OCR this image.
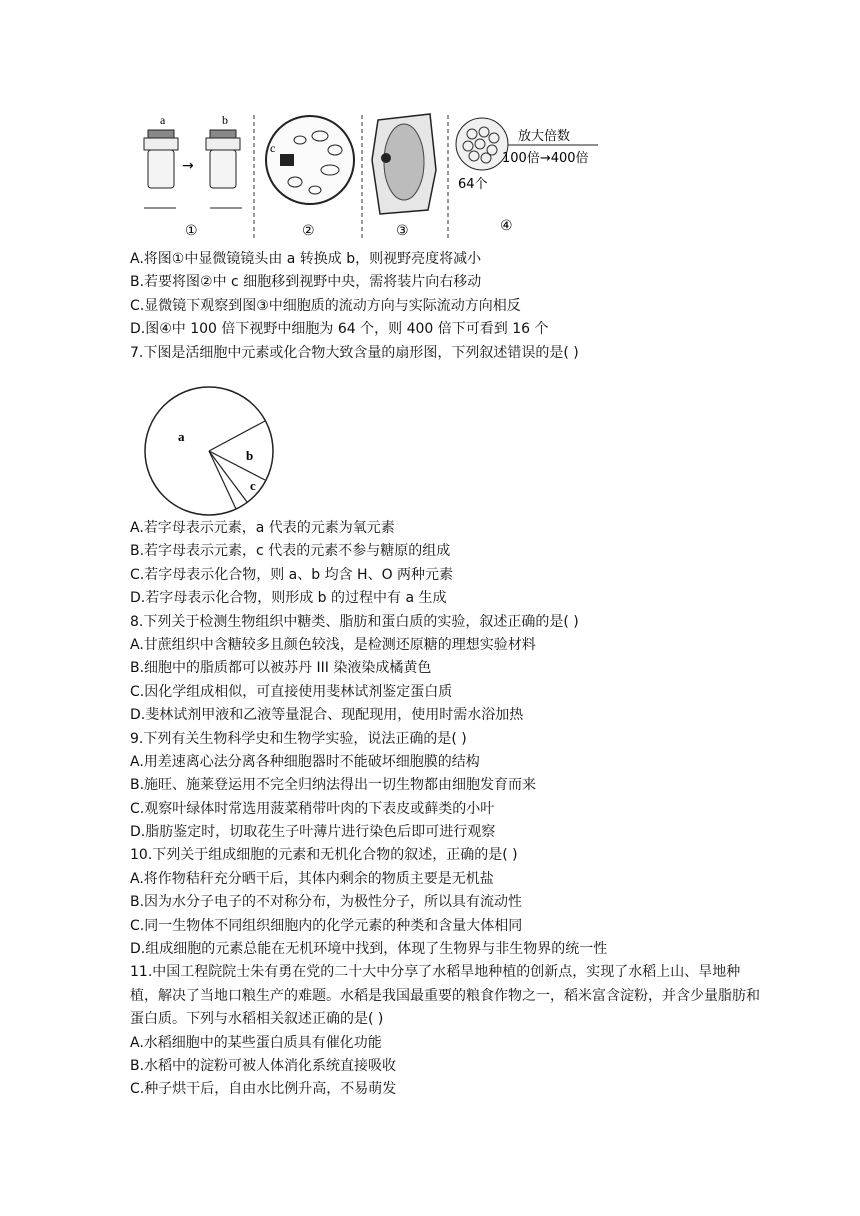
a
→
b
①
c
②	③
放大倍数
100倍→400倍
64个
④
A.将图①中显微镜镜头由 a 转换成 b，则视野亮度将减小
B.若要将图②中 c 细胞移到视野中央，需将装片向右移动
C.显微镜下观察到图③中细胞质的流动方向与实际流动方向相反
D.图④中 100 倍下视野中细胞为 64 个，则 400 倍下可看到 16 个
7.下图是活细胞中元素或化合物大致含量的扇形图，下列叙述错误的是( )
a
b
c
A.若字母表示元素，a 代表的元素为氧元素
B.若字母表示元素，c 代表的元素不参与糖原的组成
C.若字母表示化合物，则 a、b 均含 H、O 两种元素
D.若字母表示化合物，则形成 b 的过程中有 a 生成
8.下列关于检测生物组织中糖类、脂肪和蛋白质的实验，叙述正确的是( )
A.甘蔗组织中含糖较多且颜色较浅，是检测还原糖的理想实验材料
B.细胞中的脂质都可以被苏丹 III 染液染成橘黄色
C.因化学组成相似，可直接使用斐林试剂鉴定蛋白质
D.斐林试剂甲液和乙液等量混合、现配现用，使用时需水浴加热
9.下列有关生物科学史和生物学实验，说法正确的是( )
A.用差速离心法分离各种细胞器时不能破坏细胞膜的结构
B.施旺、施莱登运用不完全归纳法得出一切生物都由细胞发育而来
C.观察叶绿体时常选用菠菜稍带叶肉的下表皮或藓类的小叶
D.脂肪鉴定时，切取花生子叶薄片进行染色后即可进行观察
10.下列关于组成细胞的元素和无机化合物的叙述，正确的是( )
A.将作物秸秆充分晒干后，其体内剩余的物质主要是无机盐
B.因为水分子电子的不对称分布，为极性分子，所以具有流动性
C.同一生物体不同组织细胞内的化学元素的种类和含量大体相同
D.组成细胞的元素总能在无机环境中找到，体现了生物界与非生物界的统一性
11.中国工程院院士朱有勇在党的二十大中分享了水稻旱地种植的创新点，实现了水稻上山、旱地种植，解决了当地口粮生产的难题。水稻是我国最重要的粮食作物之一，稻米富含淀粉，并含少量脂肪和蛋白质。下列与水稻相关叙述正确的是( )
A.水稻细胞中的某些蛋白质具有催化功能
B.水稻中的淀粉可被人体消化系统直接吸收
C.种子烘干后，自由水比例升高，不易萌发
